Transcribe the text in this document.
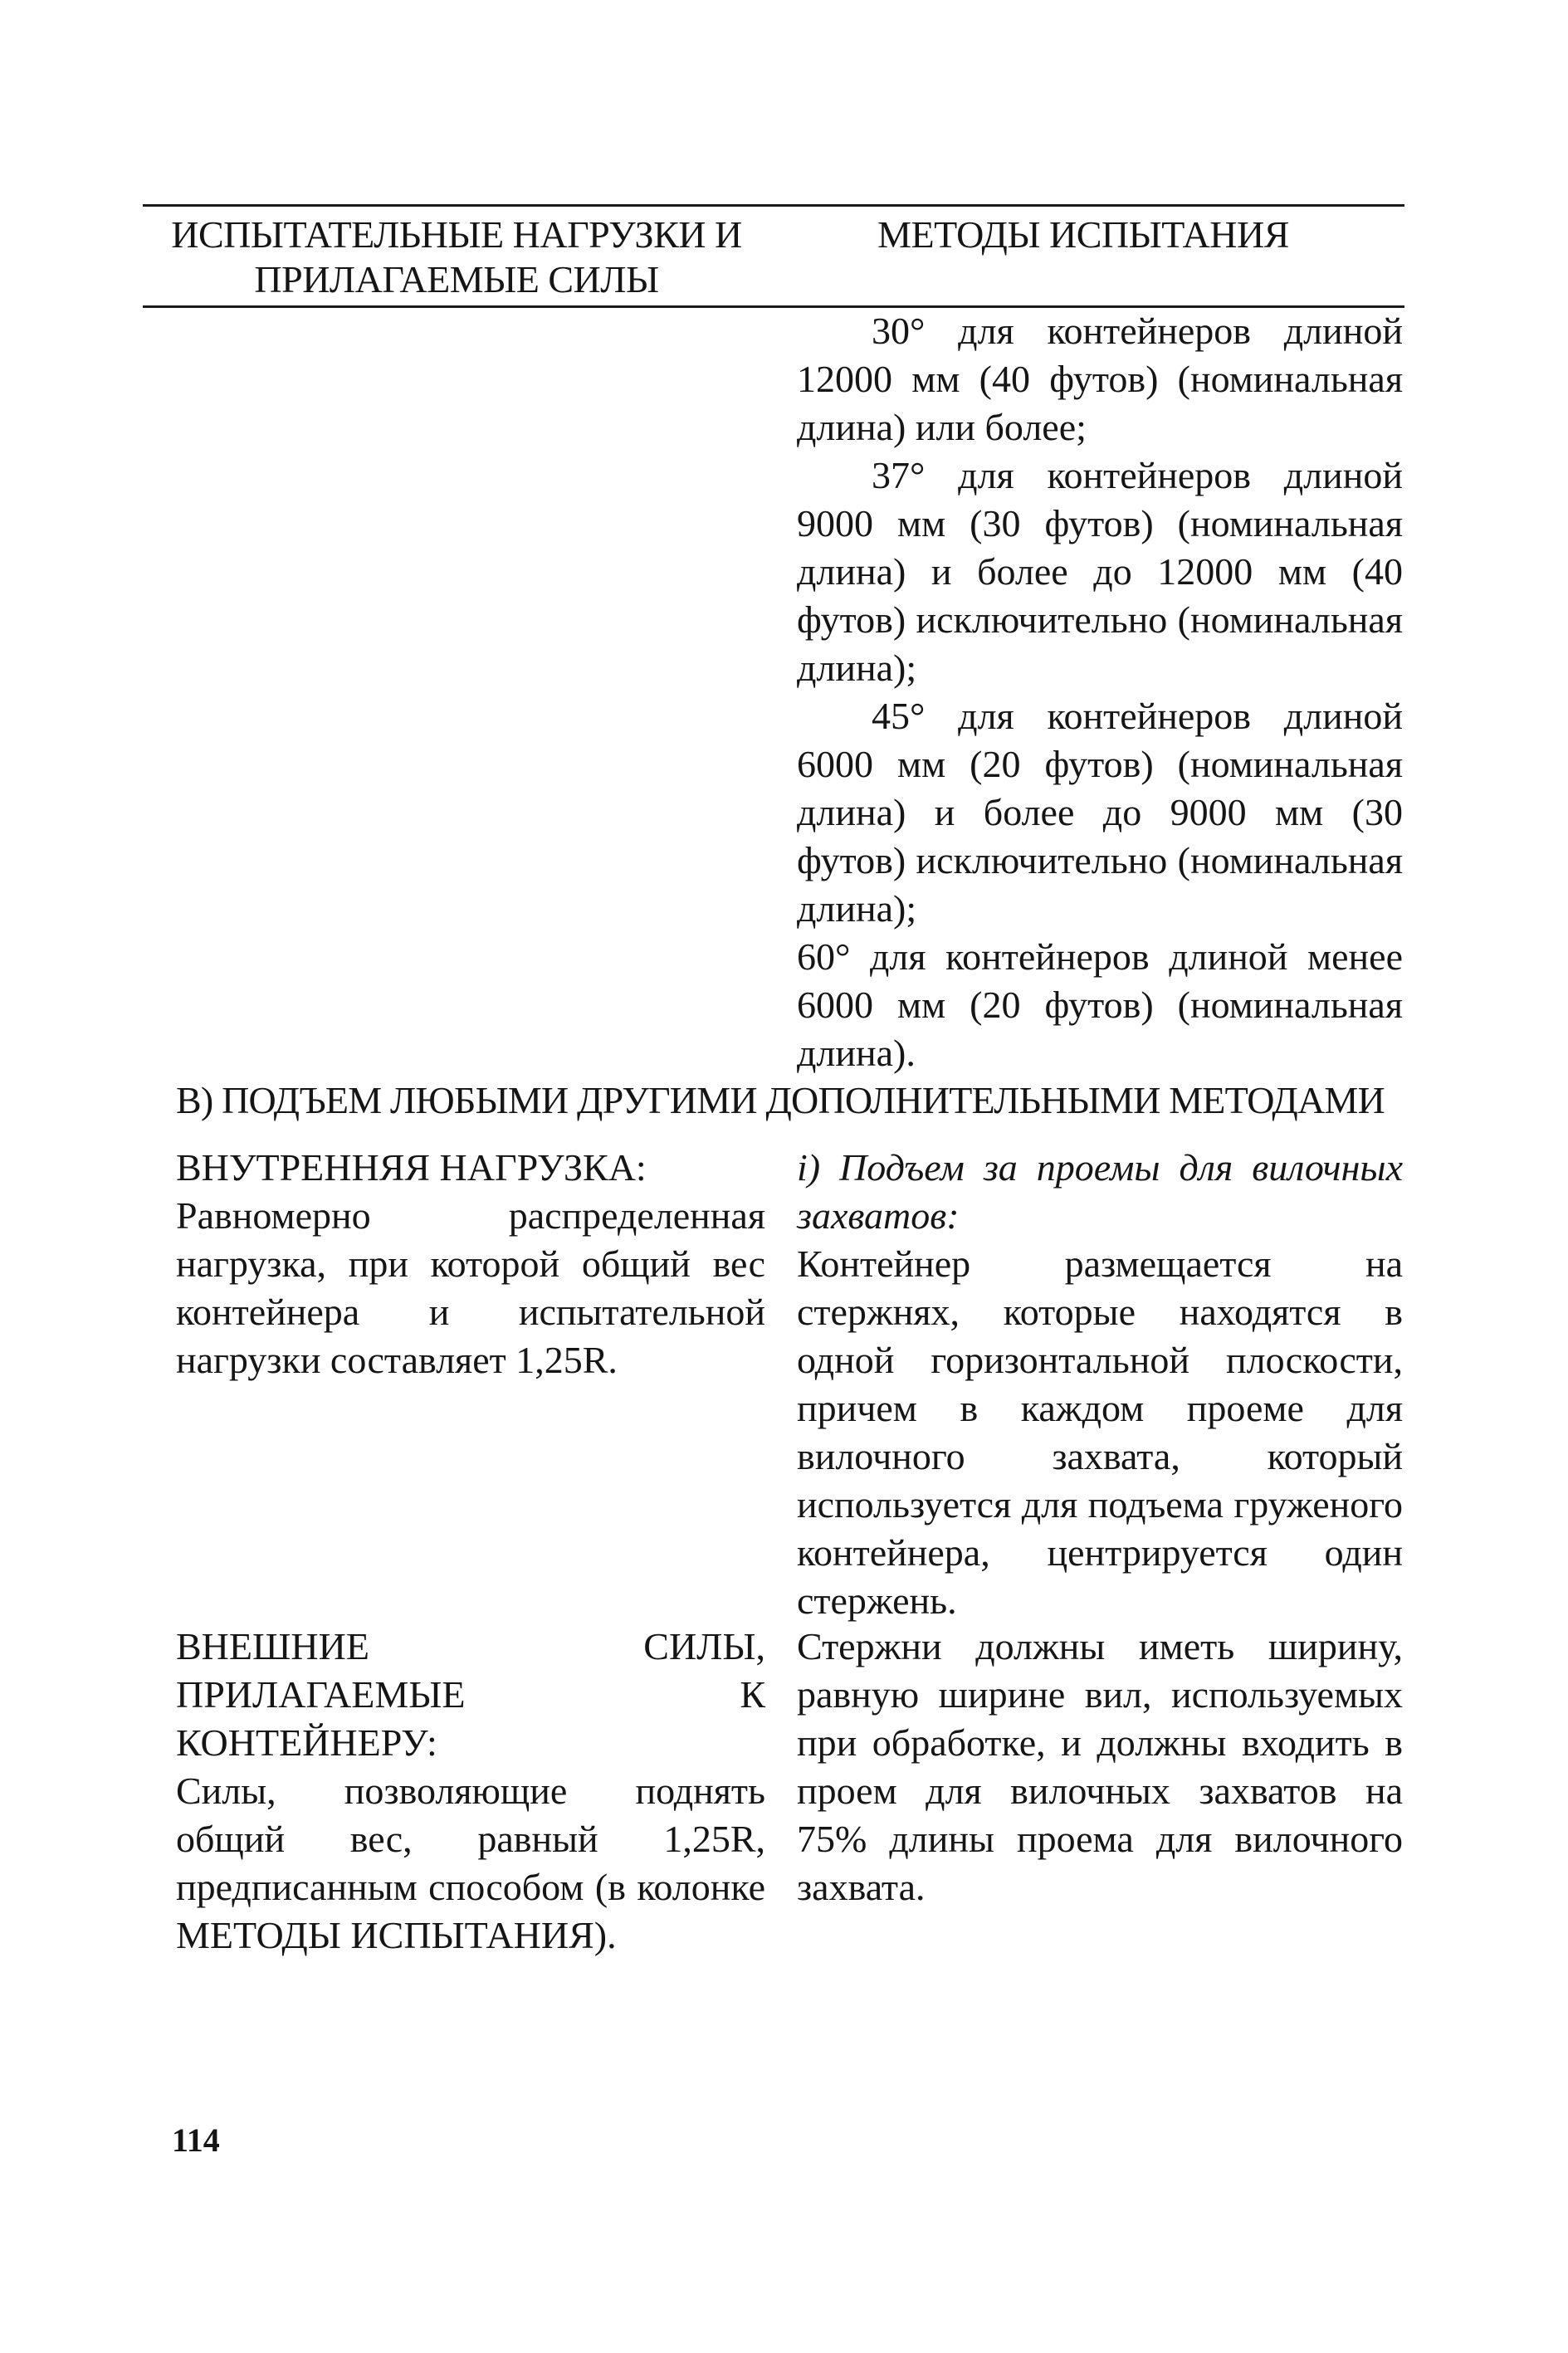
ИСПЫТАТЕЛЬНЫЕ НАГРУЗКИ И ПРИЛАГАЕМЫЕ СИЛЫ
МЕТОДЫ ИСПЫТАНИЯ

30° для контейнеров длиной 12000 мм (40 футов) (номинальная длина) или более;

37° для контейнеров длиной 9000 мм (30 футов) (номинальная длина) и более до 12000 мм (40 футов) исключительно (номинальная длина);

45° для контейнеров длиной 6000 мм (20 футов) (номинальная длина) и более до 9000 мм (30 футов) исключительно (номинальная длина);

60° для контейнеров длиной менее 6000 мм (20 футов) (номинальная длина).

В) ПОДЪЕМ ЛЮБЫМИ ДРУГИМИ ДОПОЛНИТЕЛЬНЫМИ МЕТОДАМИ

ВНУТРЕННЯЯ НАГРУЗКА:

Равномерно распределенная нагрузка, при которой общий вес контейнера и испытательной нагрузки составляет 1,25R.

i) Подъем за проемы для вилочных захватов:

Контейнер размещается на стержнях, которые находятся в одной горизонтальной плоскости, причем в каждом проеме для вилочного захвата, который используется для подъема груженого контейнера, центрируется один стержень.

ВНЕШНИЕ СИЛЫ, ПРИЛАГАЕМЫЕ К КОНТЕЙНЕРУ:

Силы, позволяющие поднять общий вес, равный 1,25R, предписанным способом (в колонке МЕТОДЫ ИСПЫТАНИЯ).

Стержни должны иметь ширину, равную ширине вил, используемых при обработке, и должны входить в проем для вилочных захватов на 75% длины проема для вилочного захвата.

114
